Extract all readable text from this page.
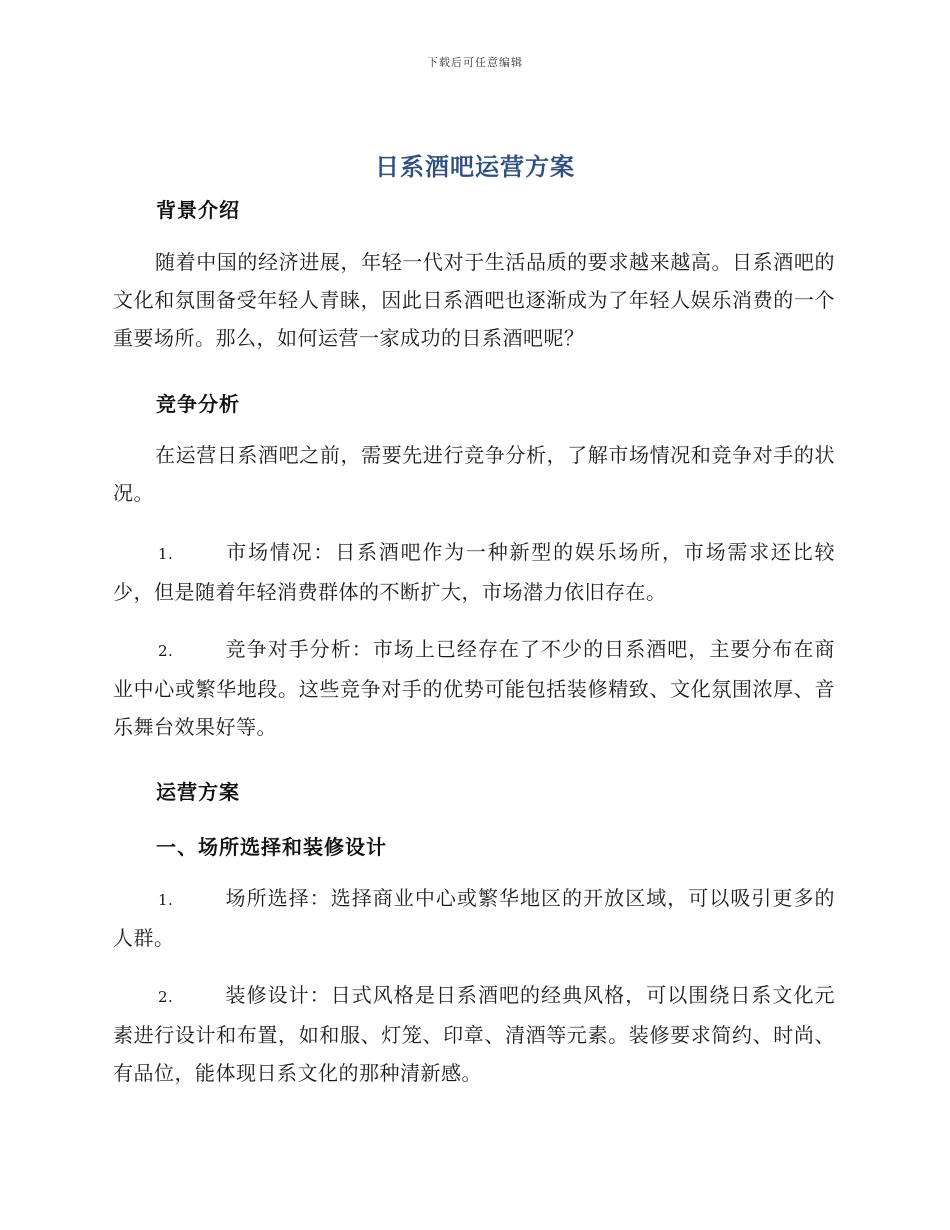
下载后可任意编辑
日系酒吧运营方案
背景介绍

随着中国的经济进展，年轻一代对于生活品质的要求越来越高。日系酒吧的文化和氛围备受年轻人青睐，因此日系酒吧也逐渐成为了年轻人娱乐消费的一个重要场所。那么，如何运营一家成功的日系酒吧呢？

竞争分析

在运营日系酒吧之前，需要先进行竞争分析，了解市场情况和竞争对手的状况。

1.	市场情况：日系酒吧作为一种新型的娱乐场所，市场需求还比较少，但是随着年轻消费群体的不断扩大，市场潜力依旧存在。

2.	竞争对手分析：市场上已经存在了不少的日系酒吧，主要分布在商业中心或繁华地段。这些竞争对手的优势可能包括装修精致、文化氛围浓厚、音乐舞台效果好等。

运营方案
一、场所选择和装修设计

1.	场所选择：选择商业中心或繁华地区的开放区域，可以吸引更多的人群。

2.	装修设计：日式风格是日系酒吧的经典风格，可以围绕日系文化元素进行设计和布置，如和服、灯笼、印章、清酒等元素。装修要求简约、时尚、有品位，能体现日系文化的那种清新感。
